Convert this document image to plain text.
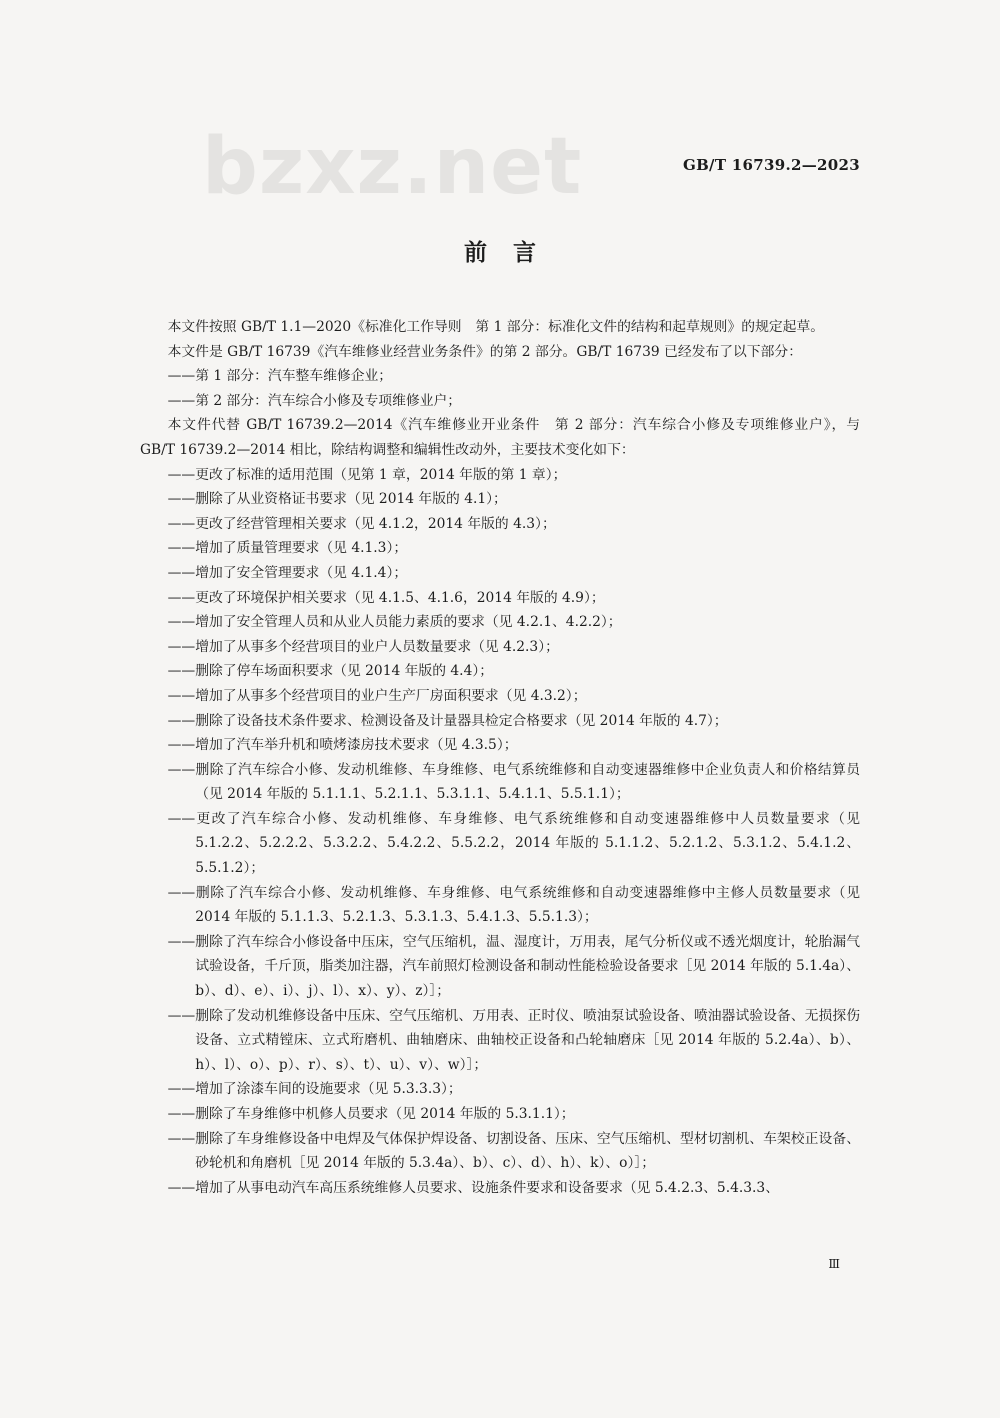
bzxz.net	GB/T 16739.2—2023
前言

本文件按照 GB/T 1.1—2020《标准化工作导则　第 1 部分：标准化文件的结构和起草规则》的规定起草。

本文件是 GB/T 16739《汽车维修业经营业务条件》的第 2 部分。GB/T 16739 已经发布了以下部分：

——第 1 部分：汽车整车维修企业；

——第 2 部分：汽车综合小修及专项维修业户；

本文件代替 GB/T 16739.2—2014《汽车维修业开业条件　第 2 部分：汽车综合小修及专项维修业户》，与 GB/T 16739.2—2014 相比，除结构调整和编辑性改动外，主要技术变化如下：

——更改了标准的适用范围（见第 1 章，2014 年版的第 1 章）；

——删除了从业资格证书要求（见 2014 年版的 4.1）；

——更改了经营管理相关要求（见 4.1.2，2014 年版的 4.3）；

——增加了质量管理要求（见 4.1.3）；

——增加了安全管理要求（见 4.1.4）；

——更改了环境保护相关要求（见 4.1.5、4.1.6，2014 年版的 4.9）；

——增加了安全管理人员和从业人员能力素质的要求（见 4.2.1、4.2.2）；

——增加了从事多个经营项目的业户人员数量要求（见 4.2.3）；

——删除了停车场面积要求（见 2014 年版的 4.4）；

——增加了从事多个经营项目的业户生产厂房面积要求（见 4.3.2）；

——删除了设备技术条件要求、检测设备及计量器具检定合格要求（见 2014 年版的 4.7）；

——增加了汽车举升机和喷烤漆房技术要求（见 4.3.5）；

——删除了汽车综合小修、发动机维修、车身维修、电气系统维修和自动变速器维修中企业负责人和价格结算员（见 2014 年版的 5.1.1.1、5.2.1.1、5.3.1.1、5.4.1.1、5.5.1.1）；

——更改了汽车综合小修、发动机维修、车身维修、电气系统维修和自动变速器维修中人员数量要求（见 5.1.2.2、5.2.2.2、5.3.2.2、5.4.2.2、5.5.2.2，2014 年版的 5.1.1.2、5.2.1.2、5.3.1.2、5.4.1.2、5.5.1.2）；

——删除了汽车综合小修、发动机维修、车身维修、电气系统维修和自动变速器维修中主修人员数量要求（见 2014 年版的 5.1.1.3、5.2.1.3、5.3.1.3、5.4.1.3、5.5.1.3）；

——删除了汽车综合小修设备中压床，空气压缩机，温、湿度计，万用表，尾气分析仪或不透光烟度计，轮胎漏气试验设备，千斤顶，脂类加注器，汽车前照灯检测设备和制动性能检验设备要求［见 2014 年版的 5.1.4a）、b）、d）、e）、i）、j）、l）、x）、y）、z）］；

——删除了发动机维修设备中压床、空气压缩机、万用表、正时仪、喷油泵试验设备、喷油器试验设备、无损探伤设备、立式精镗床、立式珩磨机、曲轴磨床、曲轴校正设备和凸轮轴磨床［见 2014 年版的 5.2.4a）、b）、h）、l）、o）、p）、r）、s）、t）、u）、v）、w）］；

——增加了涂漆车间的设施要求（见 5.3.3.3）；

——删除了车身维修中机修人员要求（见 2014 年版的 5.3.1.1）；

——删除了车身维修设备中电焊及气体保护焊设备、切割设备、压床、空气压缩机、型材切割机、车架校正设备、砂轮机和角磨机［见 2014 年版的 5.3.4a）、b）、c）、d）、h）、k）、o）］；

——增加了从事电动汽车高压系统维修人员要求、设施条件要求和设备要求（见 5.4.2.3、5.4.3.3、

Ⅲ
